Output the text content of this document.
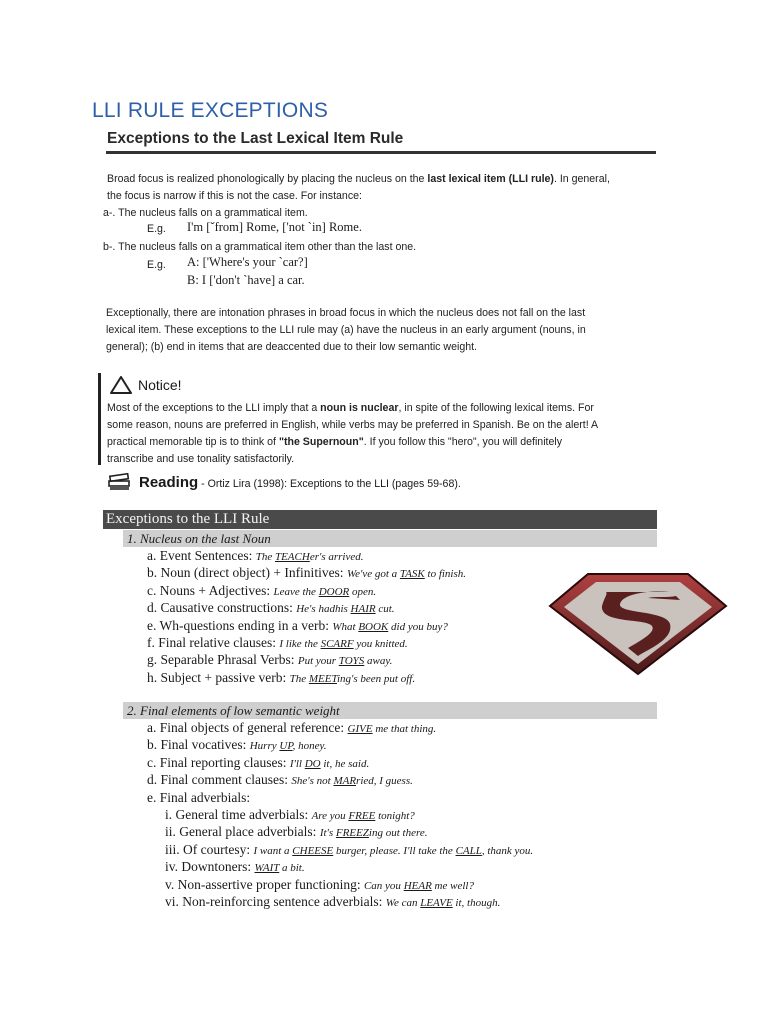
LLI RULE EXCEPTIONS
Exceptions to the Last Lexical Item Rule
Broad focus is realized phonologically by placing the nucleus on the last lexical item (LLI rule). In general,
the focus is narrow if this is not the case. For instance:
a-. The nucleus falls on a grammatical item.
E.g. I'm [ˇfrom] Rome, ['not `in] Rome.
b-. The nucleus falls on a grammatical item other than the last one.
E.g. A: ['Where's your `car?]
B: I ['don't `have] a car.
Exceptionally, there are intonation phrases in broad focus in which the nucleus does not fall on the last
lexical item. These exceptions to the LLI rule may (a) have the nucleus in an early argument (nouns, in
general); (b) end in items that are deaccented due to their low semantic weight.
Notice!
Most of the exceptions to the LLI imply that a noun is nuclear, in spite of the following lexical items. For
some reason, nouns are preferred in English, while verbs may be preferred in Spanish. Be on the alert! A
practical memorable tip is to think of "the Supernoun". If you follow this "hero", you will definitely
transcribe and use tonality satisfactorily.
Reading - Ortiz Lira (1998): Exceptions to the LLI (pages 59-68).
Exceptions to the LLI Rule
1. Nucleus on the last Noun
a. Event Sentences: The TEACHer's arrived.
b. Noun (direct object) + Infinitives: We've got a TASK to finish.
c. Nouns + Adjectives: Leave the DOOR open.
d. Causative constructions: He's hadhis HAIR cut.
e. Wh-questions ending in a verb: What BOOK did you buy?
f. Final relative clauses: I like the SCARF you knitted.
g. Separable Phrasal Verbs: Put your TOYS away.
h. Subject + passive verb: The MEETing's been put off.
2. Final elements of low semantic weight
a. Final objects of general reference: GIVE me that thing.
b. Final vocatives: Hurry UP, honey.
c. Final reporting clauses: I'll DO it, he said.
d. Final comment clauses: She's not MARried, I guess.
e. Final adverbials:
i. General time adverbials: Are you FREE tonight?
ii. General place adverbials: It's FREEZing out there.
iii. Of courtesy: I want a CHEESE burger, please. I'll take the CALL, thank you.
iv. Downtoners: WAIT a bit.
v. Non-assertive proper functioning: Can you HEAR me well?
vi. Non-reinforcing sentence adverbials: We can LEAVE it, though.
